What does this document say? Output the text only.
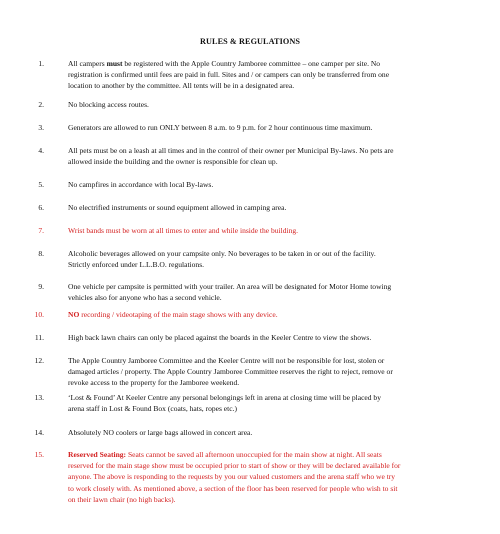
RULES & REGULATIONS
1.	All campers must be registered with the Apple Country Jamboree committee – one camper per site. No
registration is confirmed until fees are paid in full. Sites and / or campers can only be transferred from one
location to another by the committee. All tents will be in a designated area.
2.	No blocking access routes.
3.	Generators are allowed to run ONLY between 8 a.m. to 9 p.m. for 2 hour continuous time maximum.
4.	All pets must be on a leash at all times and in the control of their owner per Municipal By-laws. No pets are
allowed inside the building and the owner is responsible for clean up.
5.	No campfires in accordance with local By-laws.
6.	No electrified instruments or sound equipment allowed in camping area.
7.	Wrist bands must be worn at all times to enter and while inside the building.
8.	Alcoholic beverages allowed on your campsite only. No beverages to be taken in or out of the facility.
Strictly enforced under L.L.B.O. regulations.
9.	One vehicle per campsite is permitted with your trailer. An area will be designated for Motor Home towing
vehicles also for anyone who has a second vehicle.
10.	NO recording / videotaping of the main stage shows with any device.
11.	High back lawn chairs can only be placed against the boards in the Keeler Centre to view the shows.
12.	The Apple Country Jamboree Committee and the Keeler Centre will not be responsible for lost, stolen or
damaged articles / property. The Apple Country Jamboree Committee reserves the right to reject, remove or
revoke access to the property for the Jamboree weekend.
13.	‘Lost & Found’ At Keeler Centre any personal belongings left in arena at closing time will be placed by
arena staff in Lost & Found Box (coats, hats, ropes etc.)
14.	Absolutely NO coolers or large bags allowed in concert area.
15.	Reserved Seating: Seats cannot be saved all afternoon unoccupied for the main show at night. All seats
reserved for the main stage show must be occupied prior to start of show or they will be declared available for
anyone. The above is responding to the requests by you our valued customers and the arena staff who we try
to work closely with. As mentioned above, a section of the floor has been reserved for people who wish to sit
on their lawn chair (no high backs).
